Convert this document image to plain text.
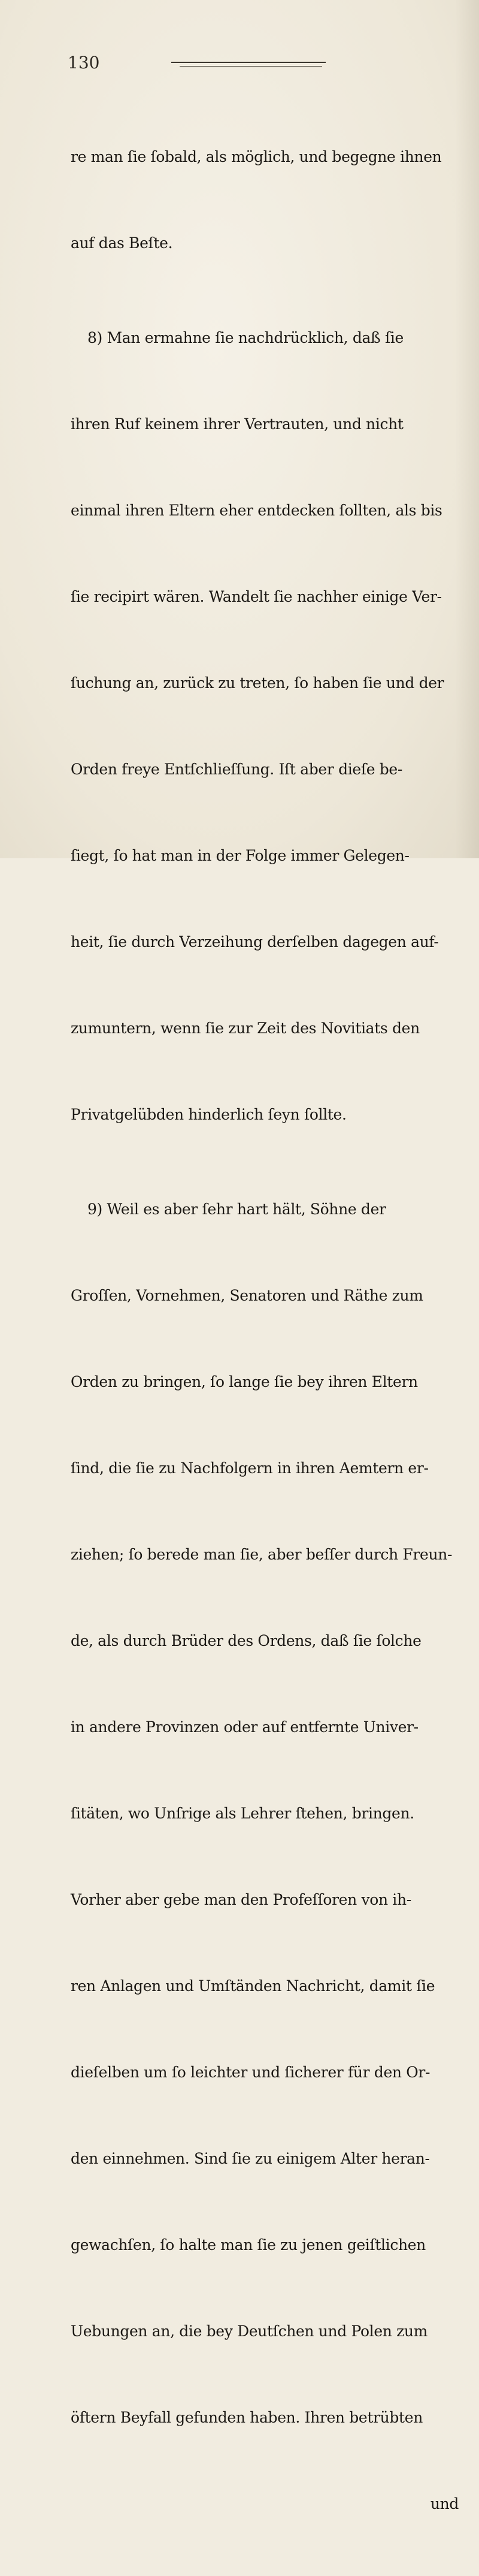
130

re man ſie ſobald, als möglich, und begegne ihnen

auf das Beſte.

8) Man ermahne ſie nachdrücklich, daß ſie

ihren Ruf keinem ihrer Vertrauten, und nicht

einmal ihren Eltern eher entdecken ſollten, als bis

ſie recipirt wären. Wandelt ſie nachher einige Ver-

ſuchung an, zurück zu treten, ſo haben ſie und der

Orden freye Entſchlieſſung. Iſt aber dieſe be-

ſiegt, ſo hat man in der Folge immer Gelegen-

heit, ſie durch Verzeihung derſelben dagegen auf-

zumuntern, wenn ſie zur Zeit des Novitiats den

Privatgelübden hinderlich ſeyn ſollte.

9) Weil es aber ſehr hart hält, Söhne der

Groſſen, Vornehmen, Senatoren und Räthe zum

Orden zu bringen, ſo lange ſie bey ihren Eltern

ſind, die ſie zu Nachfolgern in ihren Aemtern er-

ziehen; ſo berede man ſie, aber beſſer durch Freun-

de, als durch Brüder des Ordens, daß ſie ſolche

in andere Provinzen oder auf entfernte Univer-

ſitäten, wo Unſrige als Lehrer ſtehen, bringen.

Vorher aber gebe man den Profeſſoren von ih-

ren Anlagen und Umſtänden Nachricht, damit ſie

dieſelben um ſo leichter und ſicherer für den Or-

den einnehmen. Sind ſie zu einigem Alter heran-

gewachſen, ſo halte man ſie zu jenen geiſtlichen

Uebungen an, die bey Deutſchen und Polen zum

öftern Beyfall gefunden haben. Ihren betrübten

und
